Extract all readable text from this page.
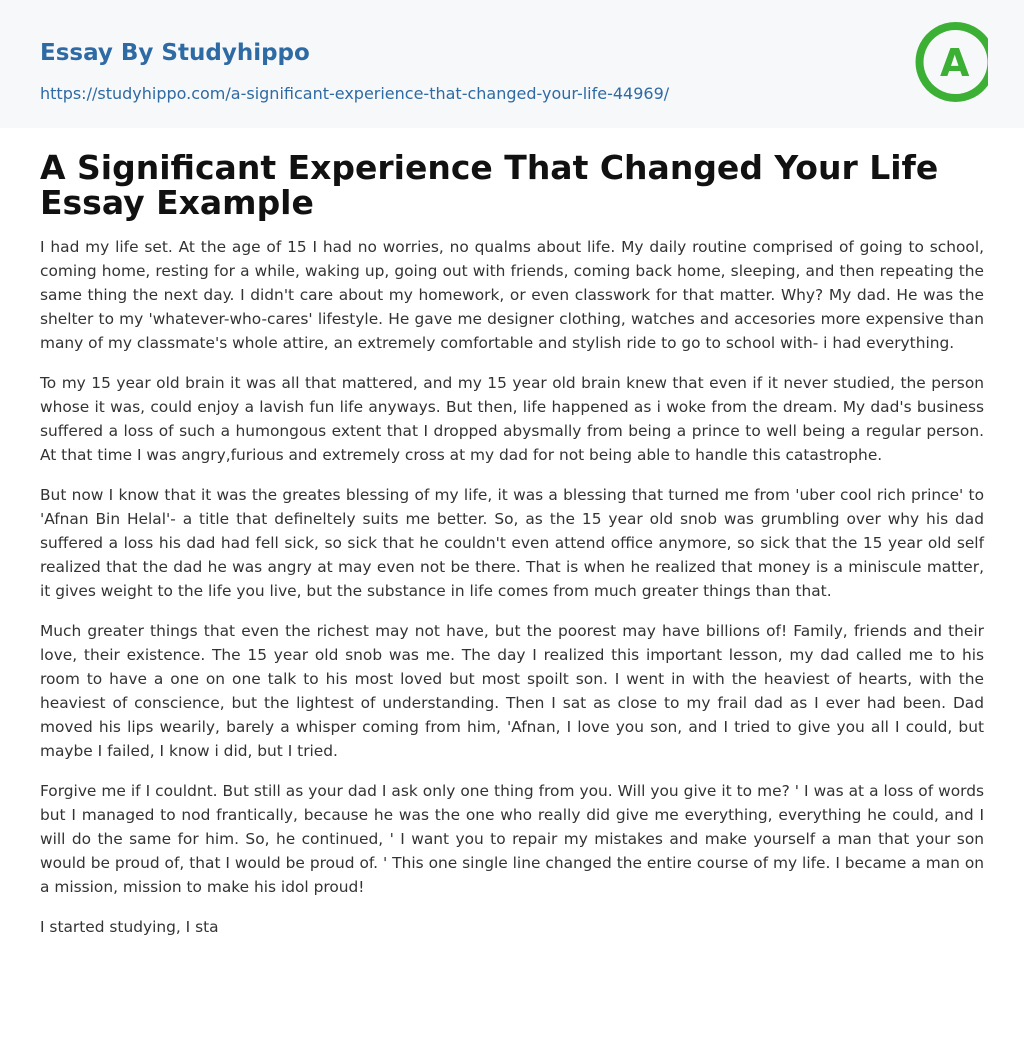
Essay By Studyhippo
https://studyhippo.com/a-significant-experience-that-changed-your-life-44969/
A
A Significant Experience That Changed Your Life Essay Example

I had my life set. At the age of 15 I had no worries, no qualms about life. My daily routine comprised of going to school, coming home, resting for a while, waking up, going out with friends, coming back home, sleeping, and then repeating the same thing the next day. I didn't care about my homework, or even classwork for that matter. Why? My dad. He was the shelter to my 'whatever-who-cares' lifestyle. He gave me designer clothing, watches and accesories more expensive than many of my classmate's whole attire, an extremely comfortable and stylish ride to go to school with- i had everything.

To my 15 year old brain it was all that mattered, and my 15 year old brain knew that even if it never studied, the person whose it was, could enjoy a lavish fun life anyways. But then, life happened as i woke from the dream. My dad's business suffered a loss of such a humongous extent that I dropped abysmally from being a prince to well being a regular person. At that time I was angry,furious and extremely cross at my dad for not being able to handle this catastrophe.

But now I know that it was the greates blessing of my life, it was a blessing that turned me from 'uber cool rich prince' to 'Afnan Bin Helal'- a title that defineltely suits me better. So, as the 15 year old snob was grumbling over why his dad suffered a loss his dad had fell sick, so sick that he couldn't even attend office anymore, so sick that the 15 year old self realized that the dad he was angry at may even not be there. That is when he realized that money is a miniscule matter, it gives weight to the life you live, but the substance in life comes from much greater things than that.

Much greater things that even the richest may not have, but the poorest may have billions of! Family, friends and their love, their existence. The 15 year old snob was me. The day I realized this important lesson, my dad called me to his room to have a one on one talk to his most loved but most spoilt son. I went in with the heaviest of hearts, with the heaviest of conscience, but the lightest of understanding. Then I sat as close to my frail dad as I ever had been. Dad moved his lips wearily, barely a whisper coming from him, 'Afnan, I love you son, and I tried to give you all I could, but maybe I failed, I know i did, but I tried.

Forgive me if I couldnt. But still as your dad I ask only one thing from you. Will you give it to me? ' I was at a loss of words but I managed to nod frantically, because he was the one who really did give me everything, everything he could, and I will do the same for him. So, he continued, ' I want you to repair my mistakes and make yourself a man that your son would be proud of, that I would be proud of. ' This one single line changed the entire course of my life. I became a man on a mission, mission to make his idol proud!

I started studying, I sta
